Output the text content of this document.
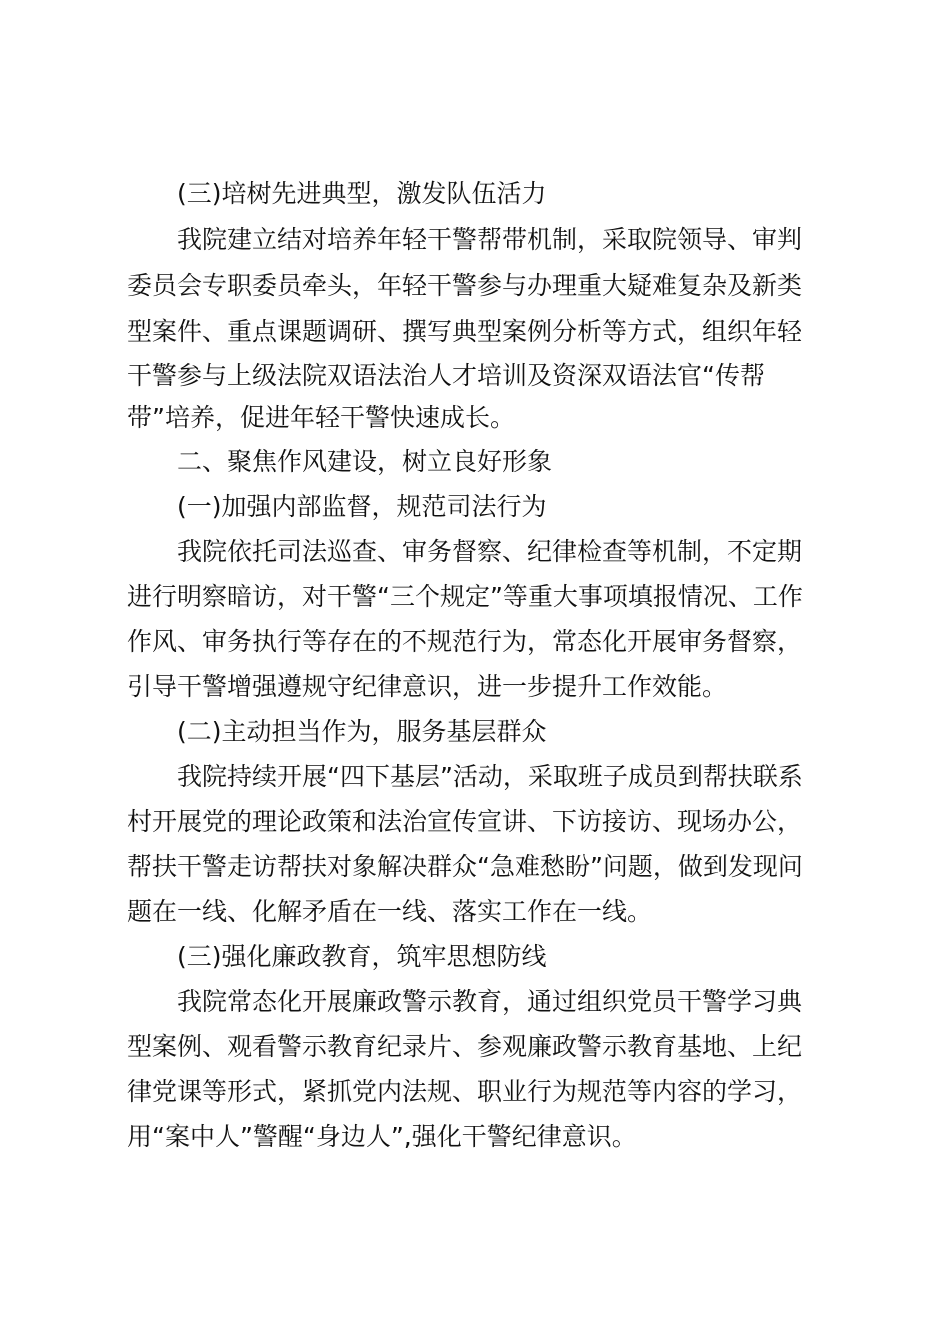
(三)培树先进典型，激发队伍活力

我院建立结对培养年轻干警帮带机制，采取院领导、审判

委员会专职委员牵头，年轻干警参与办理重大疑难复杂及新类

型案件、重点课题调研、撰写典型案例分析等方式，组织年轻

干警参与上级法院双语法治人才培训及资深双语法官“传帮

带”培养，促进年轻干警快速成长。

二、聚焦作风建设，树立良好形象

(一)加强内部监督，规范司法行为

我院依托司法巡查、审务督察、纪律检查等机制，不定期

进行明察暗访，对干警“三个规定”等重大事项填报情况、工作

作风、审务执行等存在的不规范行为，常态化开展审务督察，

引导干警增强遵规守纪律意识，进一步提升工作效能。

(二)主动担当作为，服务基层群众

我院持续开展“四下基层”活动，采取班子成员到帮扶联系

村开展党的理论政策和法治宣传宣讲、下访接访、现场办公，

帮扶干警走访帮扶对象解决群众“急难愁盼”问题，做到发现问

题在一线、化解矛盾在一线、落实工作在一线。

(三)强化廉政教育，筑牢思想防线

我院常态化开展廉政警示教育，通过组织党员干警学习典

型案例、观看警示教育纪录片、参观廉政警示教育基地、上纪

律党课等形式，紧抓党内法规、职业行为规范等内容的学习，

用“案中人”警醒“身边人”,强化干警纪律意识。
